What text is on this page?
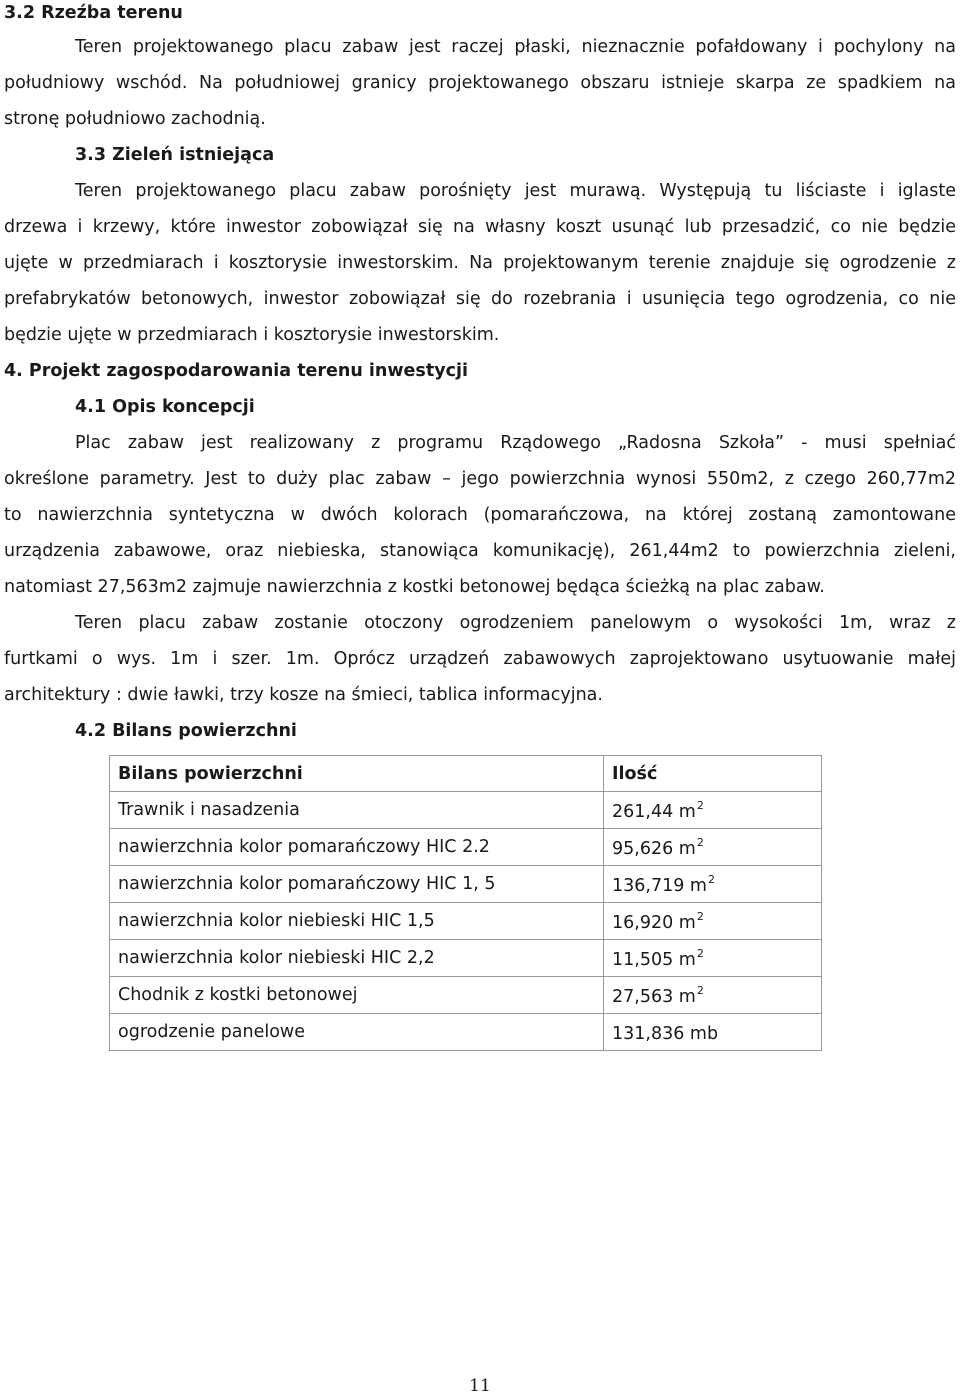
3.2 Rzeźba terenu
Teren projektowanego placu zabaw jest raczej płaski, nieznacznie pofałdowany i pochylony na
południowy wschód. Na południowej granicy projektowanego obszaru istnieje skarpa ze spadkiem na
stronę południowo zachodnią.
3.3 Zieleń istniejąca
Teren projektowanego placu zabaw porośnięty jest murawą. Występują tu liściaste i iglaste
drzewa i krzewy, które inwestor zobowiązał się na własny koszt usunąć lub przesadzić, co nie będzie
ujęte w przedmiarach i kosztorysie inwestorskim. Na projektowanym terenie znajduje się ogrodzenie z
prefabrykatów betonowych, inwestor zobowiązał się do rozebrania i usunięcia tego ogrodzenia, co nie
będzie ujęte w przedmiarach i kosztorysie inwestorskim.
4. Projekt zagospodarowania terenu inwestycji
4.1 Opis koncepcji
Plac zabaw jest realizowany z programu Rządowego „Radosna Szkoła” - musi spełniać
określone parametry. Jest to duży plac zabaw – jego powierzchnia wynosi 550m2, z czego 260,77m2
to nawierzchnia syntetyczna w dwóch kolorach (pomarańczowa, na której zostaną zamontowane
urządzenia zabawowe, oraz niebieska, stanowiąca komunikację), 261,44m2 to powierzchnia zieleni,
natomiast 27,563m2 zajmuje nawierzchnia z kostki betonowej będąca ścieżką na plac zabaw.
Teren placu zabaw zostanie otoczony ogrodzeniem panelowym o wysokości 1m, wraz z
furtkami o wys. 1m i szer. 1m. Oprócz urządzeń zabawowych zaprojektowano usytuowanie małej
architektury : dwie ławki, trzy kosze na śmieci, tablica informacyjna.
4.2 Bilans powierzchni
Bilans powierzchni	Ilość
Trawnik i nasadzenia	261,44 $m^2$
nawierzchnia kolor pomarańczowy HIC 2.2	95,626 $m^2$
nawierzchnia kolor pomarańczowy HIC 1, 5	136,719 $m^2$
nawierzchnia kolor niebieski HIC 1,5	16,920 $m^2$
nawierzchnia kolor niebieski HIC 2,2	11,505 $m^2$
Chodnik z kostki betonowej	27,563 $m^2$
ogrodzenie panelowe	131,836 mb
11
